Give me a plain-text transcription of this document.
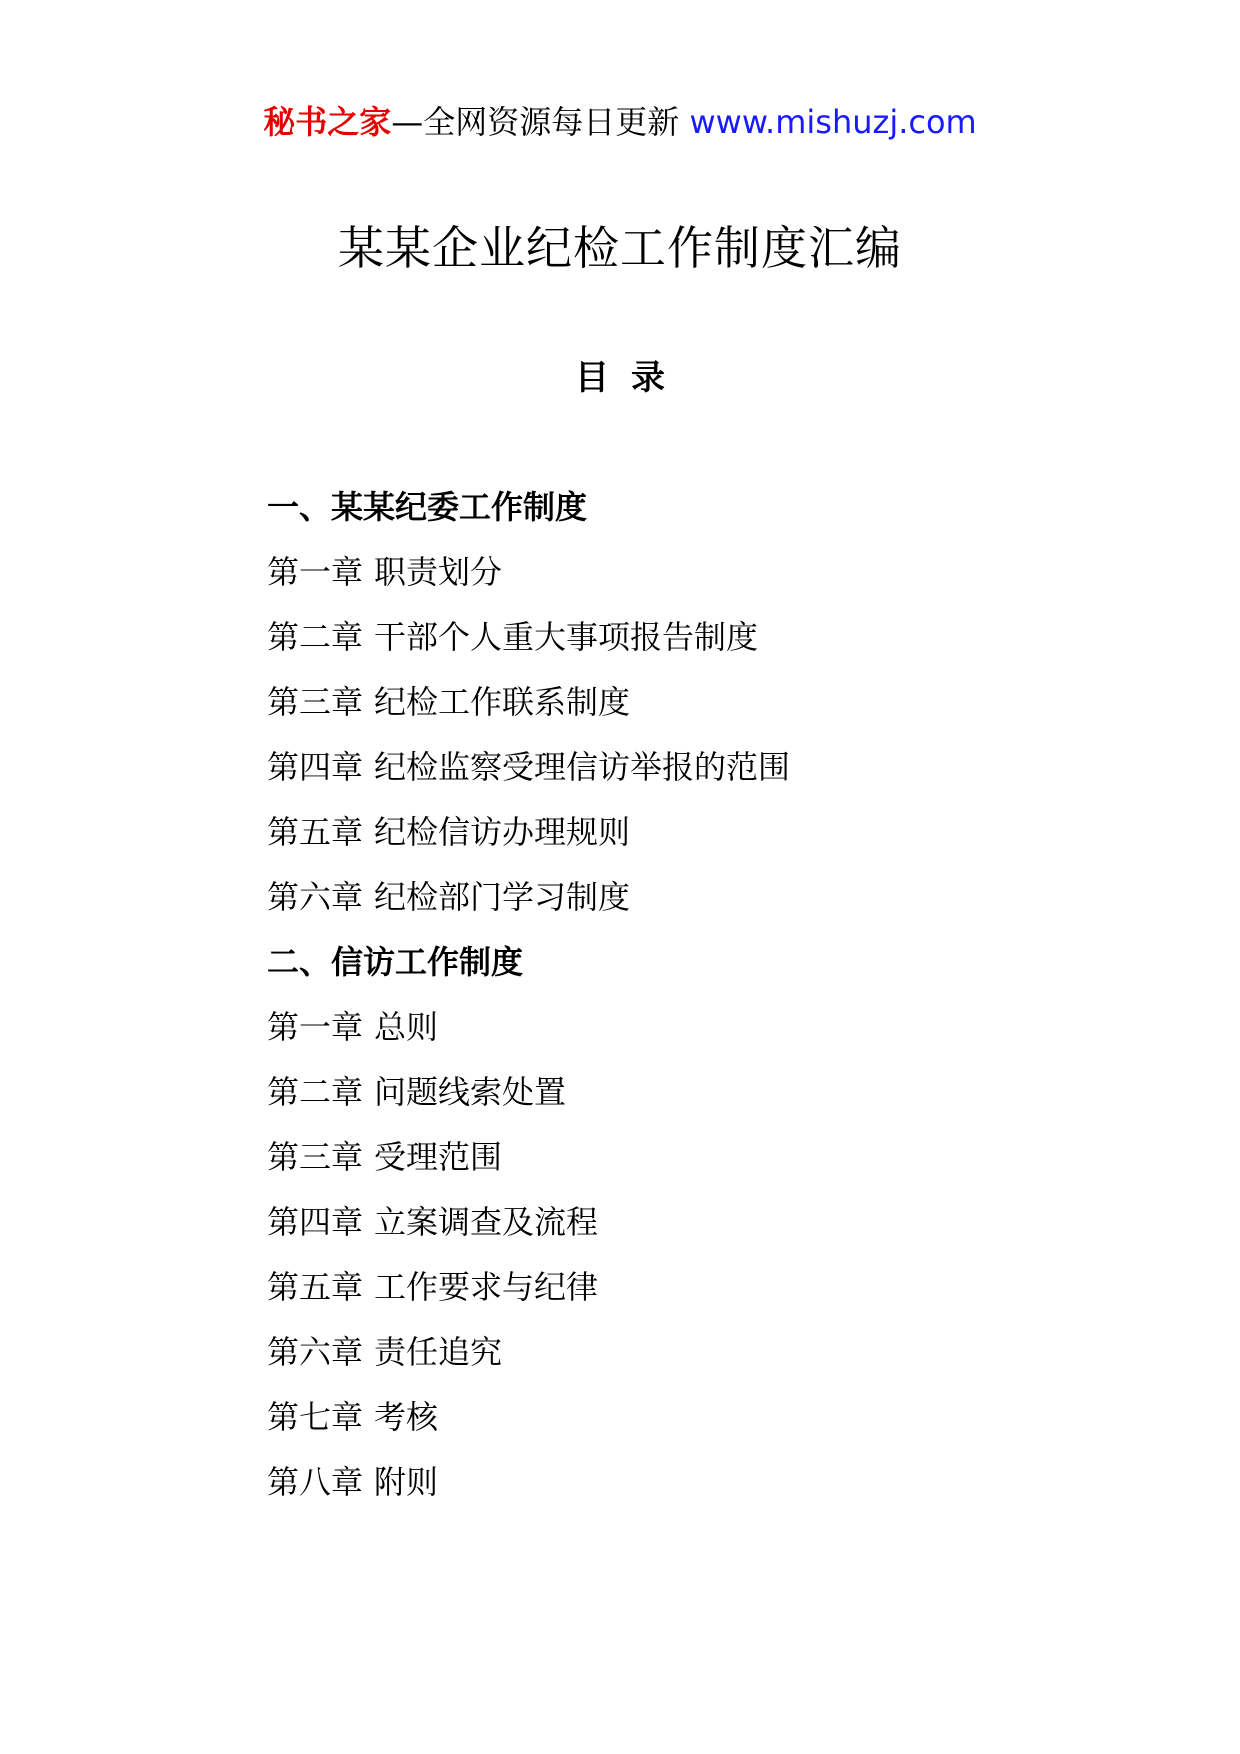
秘书之家—全网资源每日更新 www.mishuzj.com
某某企业纪检工作制度汇编
目录
一、某某纪委工作制度
第一章 职责划分
第二章 干部个人重大事项报告制度
第三章 纪检工作联系制度
第四章 纪检监察受理信访举报的范围
第五章 纪检信访办理规则
第六章 纪检部门学习制度
二、信访工作制度
第一章 总则
第二章 问题线索处置
第三章 受理范围
第四章 立案调查及流程
第五章 工作要求与纪律
第六章 责任追究
第七章 考核
第八章 附则
